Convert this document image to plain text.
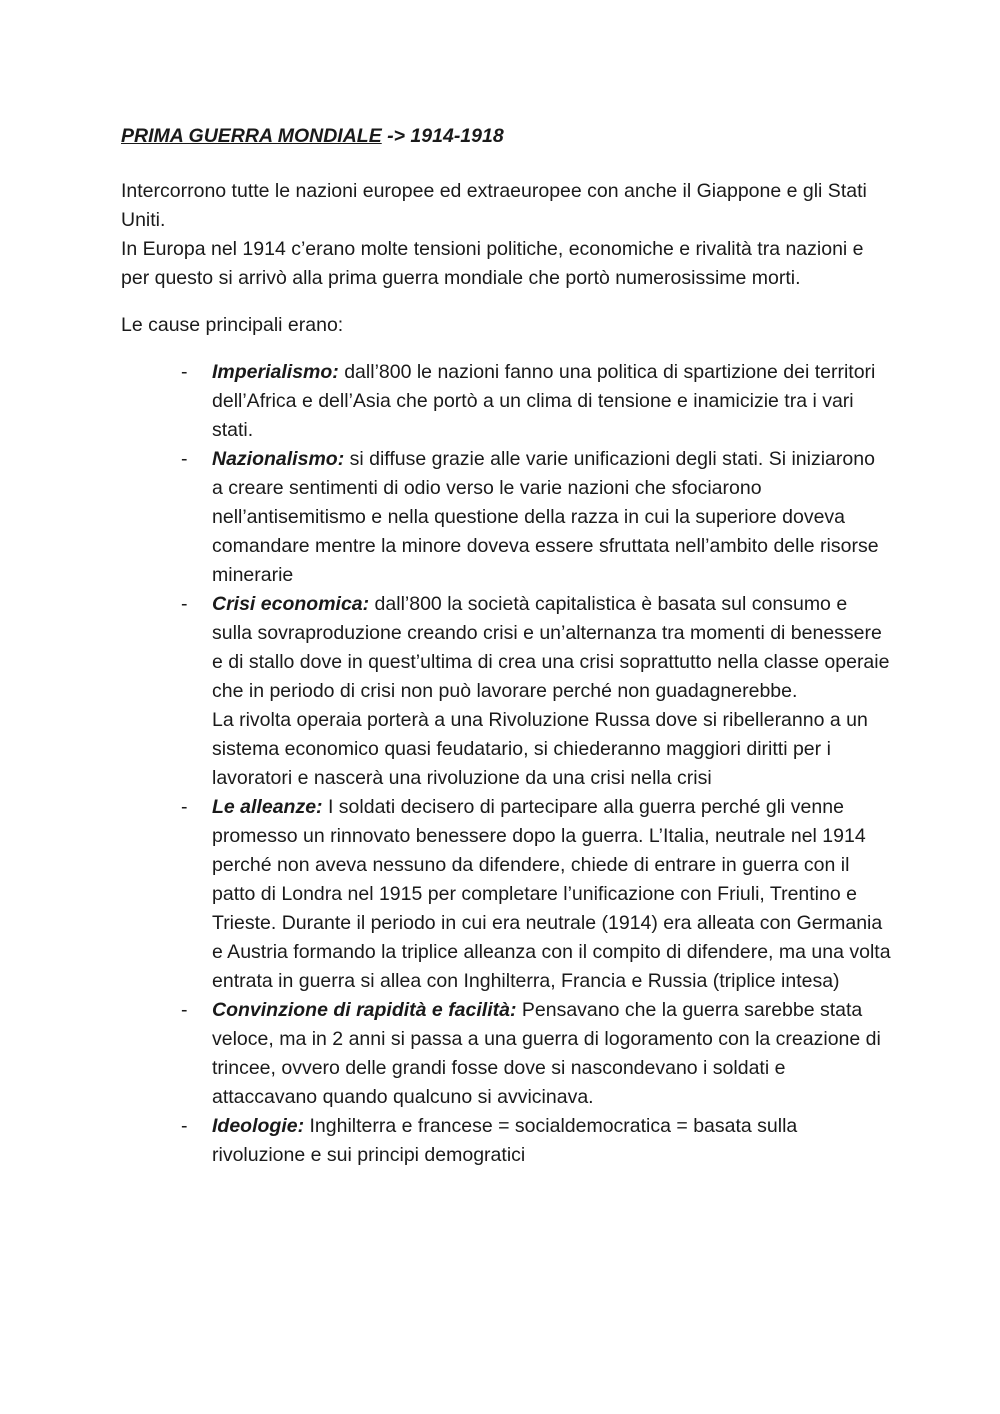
PRIMA GUERRA MONDIALE -> 1914-1918

Intercorrono tutte le nazioni europee ed extraeuropee con anche il Giappone e gli Stati Uniti.

In Europa nel 1914 c’erano molte tensioni politiche, economiche e rivalità tra nazioni e per questo si arrivò alla prima guerra mondiale che portò numerosissime morti.

Le cause principali erano:

- Imperialismo: dall’800 le nazioni fanno una politica di spartizione dei territori dell’Africa e dell’Asia che portò a un clima di tensione e inamicizie tra i vari stati.
- Nazionalismo: si diffuse grazie alle varie unificazioni degli stati. Si iniziarono a creare sentimenti di odio verso le varie nazioni che sfociarono nell’antisemitismo e nella questione della razza in cui la superiore doveva comandare mentre la minore doveva essere sfruttata nell’ambito delle risorse minerarie
- Crisi economica: dall’800 la società capitalistica è basata sul consumo e sulla sovraproduzione creando crisi e un’alternanza tra momenti di benessere e di stallo dove in quest’ultima di crea una crisi soprattutto nella classe operaie che in periodo di crisi non può lavorare perché non guadagnerebbe.
La rivolta operaia porterà a una Rivoluzione Russa dove si ribelleranno a un sistema economico quasi feudatario, si chiederanno maggiori diritti per i lavoratori e nascerà una rivoluzione da una crisi nella crisi
- Le alleanze: I soldati decisero di partecipare alla guerra perché gli venne promesso un rinnovato benessere dopo la guerra. L’Italia, neutrale nel 1914 perché non aveva nessuno da difendere, chiede di entrare in guerra con il patto di Londra nel 1915 per completare l’unificazione con Friuli, Trentino e Trieste. Durante il periodo in cui era neutrale (1914) era alleata con Germania e Austria formando la triplice alleanza con il compito di difendere, ma una volta entrata in guerra si allea con Inghilterra, Francia e Russia (triplice intesa)
- Convinzione di rapidità e facilità: Pensavano che la guerra sarebbe stata veloce, ma in 2 anni si passa a una guerra di logoramento con la creazione di trincee, ovvero delle grandi fosse dove si nascondevano i soldati e attaccavano quando qualcuno si avvicinava.
- Ideologie: Inghilterra e francese = socialdemocratica = basata sulla rivoluzione e sui principi demogratici
